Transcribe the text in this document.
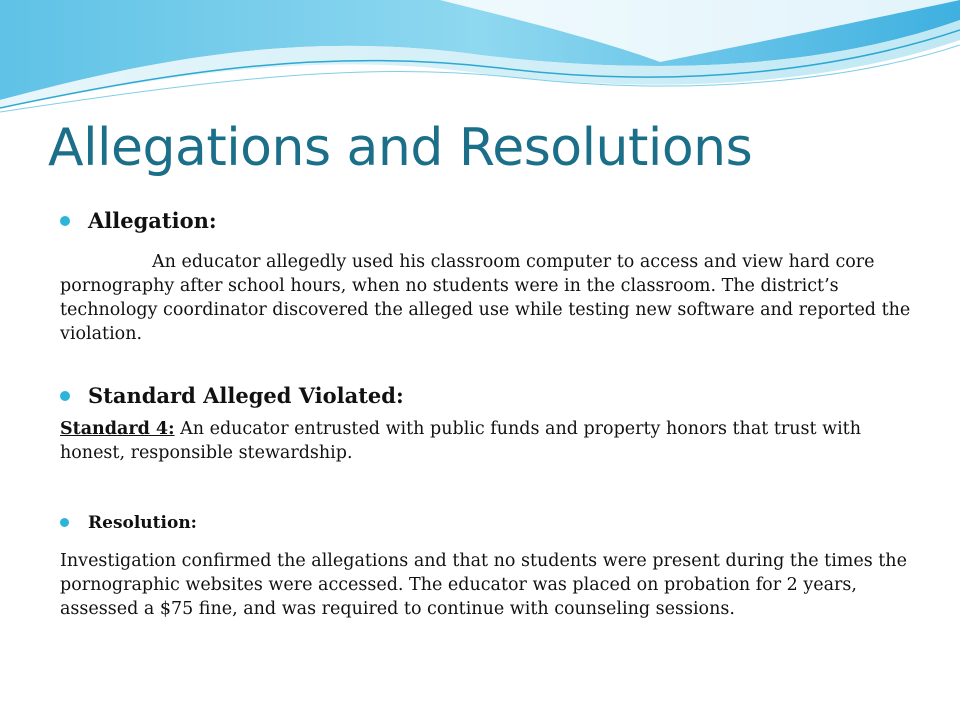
Allegations and Resolutions
Allegation:

An educator allegedly used his classroom computer to access and view hard core pornography after school hours, when no students were in the classroom. The district’s technology coordinator discovered the alleged use while testing new software and reported the violation.

Standard Alleged Violated:

Standard 4: An educator entrusted with public funds and property honors that trust with honest, responsible stewardship.

Resolution:

Investigation confirmed the allegations and that no students were present during the times the pornographic websites were accessed. The educator was placed on probation for 2 years, assessed a $75 fine, and was required to continue with counseling sessions.
